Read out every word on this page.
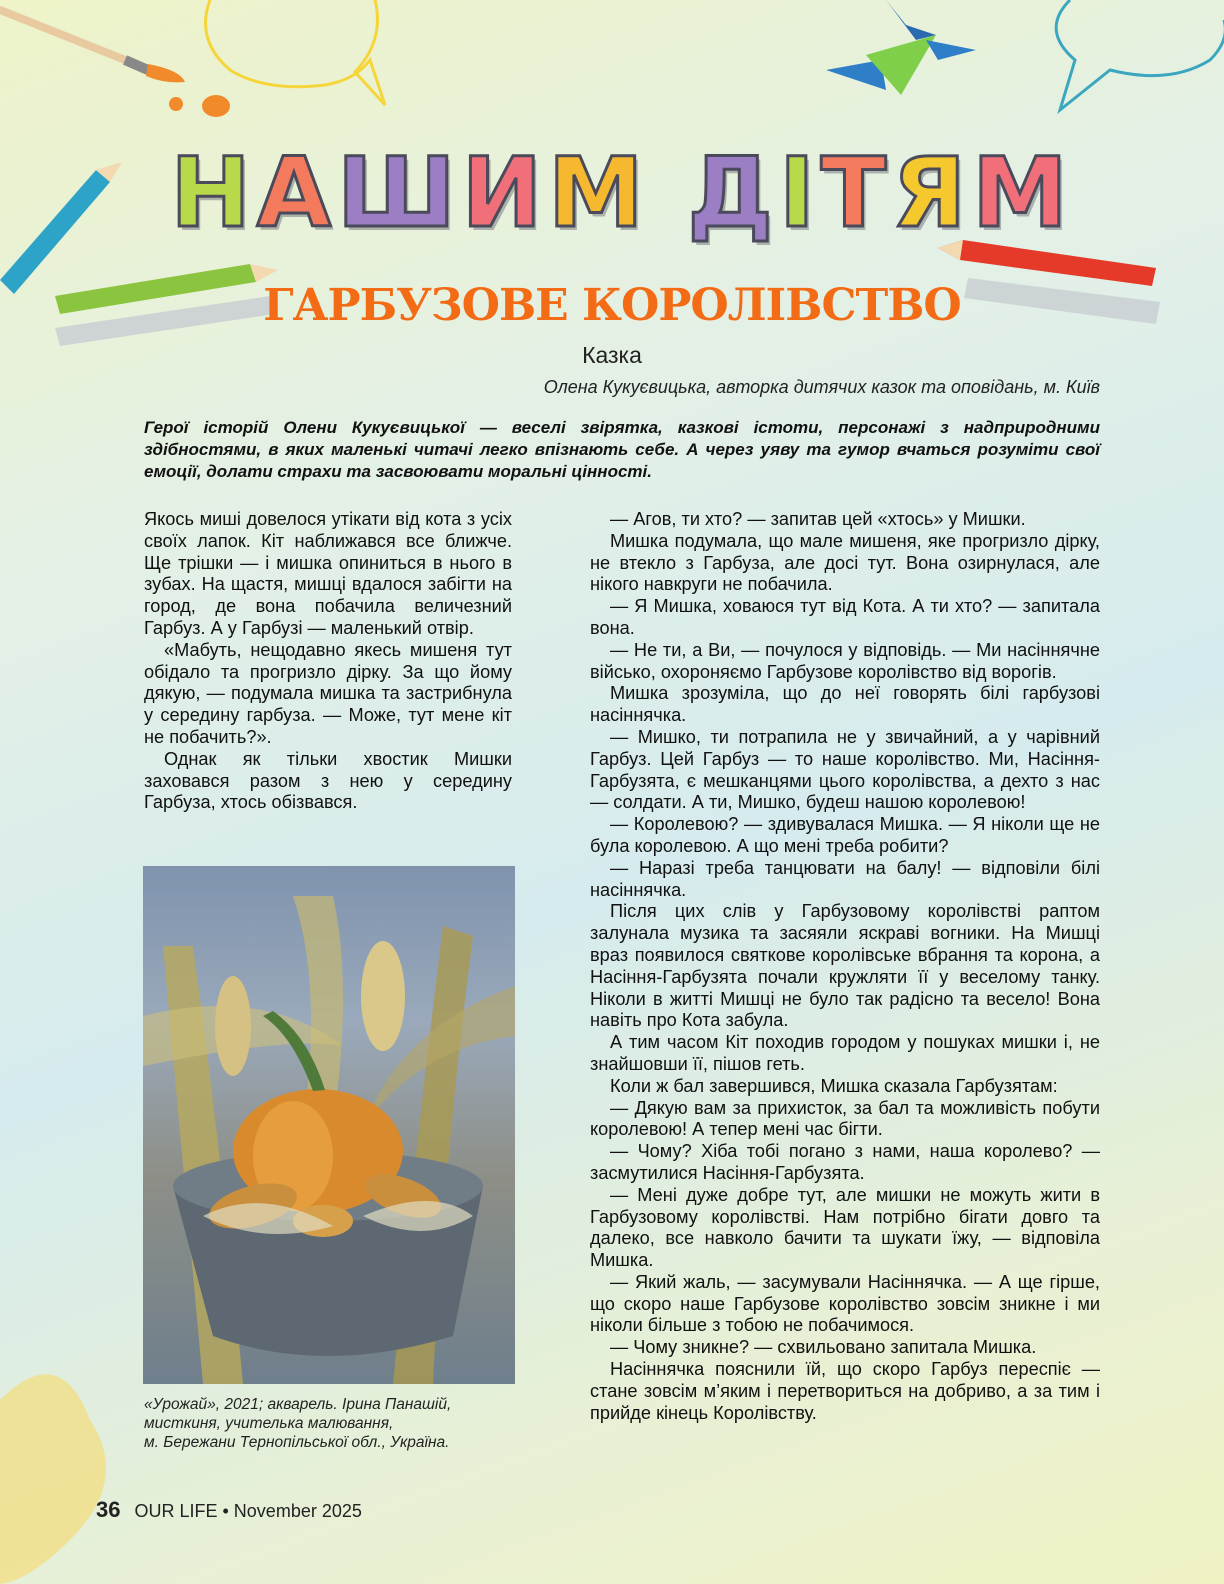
Н А Ш И М Д І Т Я М
ГАРБУЗОВЕ КОРОЛІВСТВО
Казка
Олена Кукуєвицька, авторка дитячих казок та оповідань, м. Київ
Герої історій Олени Кукуєвицької — веселі звірятка, казкові істоти, персонажі з надприродними здібностями, в яких маленькі читачі легко впізнають себе. А через уяву та гумор вчаться розуміти свої емоції, долати страхи та засвоювати моральні цінності.

Якось миші довелося утікати від кота з усіх своїх лапок. Кіт наближався все ближче. Ще трішки — і мишка опиниться в нього в зубах. На щастя, мишці вдалося забігти на город, де вона побачила величезний Гарбуз. А у Гарбузі — маленький отвір.

«Мабуть, нещодавно якесь мишеня тут обідало та прогризло дірку. За що йому дякую, — подумала мишка та застрибнула у середину гарбуза. — Може, тут мене кіт не побачить?».

Однак як тільки хвостик Мишки заховався разом з нею у середину Гарбуза, хтось обізвався.

— Агов, ти хто? — запитав цей «хтось» у Мишки.

Мишка подумала, що мале мишеня, яке прогризло дірку, не втекло з Гарбуза, але досі тут. Вона озирнулася, але нікого навкруги не побачила.

— Я Мишка, ховаюся тут від Кота. А ти хто? — запитала вона.

— Не ти, а Ви, — почулося у відповідь. — Ми насіннячне військо, охороняємо Гарбузове королівство від ворогів.

Мишка зрозуміла, що до неї говорять білі гарбузові насіннячка.

— Мишко, ти потрапила не у звичайний, а у чарівний Гарбуз. Цей Гарбуз — то наше королівство. Ми, Насіння-Гарбузята, є мешканцями цього королівства, а дехто з нас — солдати. А ти, Мишко, будеш нашою королевою!

— Королевою? — здивувалася Мишка. — Я ніколи ще не була королевою. А що мені треба робити?

— Наразі треба танцювати на балу! — відповіли білі насіннячка.

Після цих слів у Гарбузовому королівстві раптом залунала музика та засяяли яскраві вогники. На Мишці враз появилося святкове королівське вбрання та корона, а Насіння-Гарбузята почали кружляти її у веселому танку. Ніколи в житті Мишці не було так радісно та весело! Вона навіть про Кота забула.

А тим часом Кіт походив городом у пошуках мишки і, не знайшовши її, пішов геть.

Коли ж бал завершився, Мишка сказала Гарбузятам:

— Дякую вам за прихисток, за бал та можливість побути королевою! А тепер мені час бігти.

— Чому? Хіба тобі погано з нами, наша королево? — засмутилися Насіння-Гарбузята.

— Мені дуже добре тут, але мишки не можуть жити в Гарбузовому королівстві. Нам потрібно бігати довго та далеко, все навколо бачити та шукати їжу, — відповіла Мишка.

— Який жаль, — засумували Насіннячка. — А ще гірше, що скоро наше Гарбузове королівство зовсім зникне і ми ніколи більше з тобою не побачимося.

— Чому зникне? — схвильовано запитала Мишка.

Насіннячка пояснили їй, що скоро Гарбуз переспіє — стане зовсім м’яким і перетвориться на добриво, а за тим і прийде кінець Королівству.

«Урожай», 2021; акварель. Ірина Панашій,
мисткиня, учителька малювання,
м. Бережани Тернопільської обл., Україна.
36 OUR LIFE • November 2025
